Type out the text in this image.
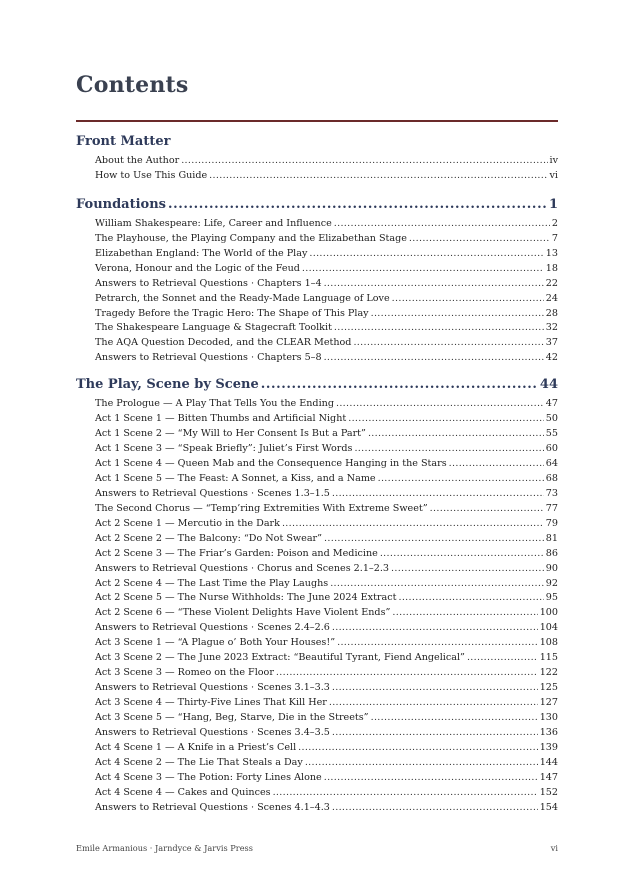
Contents
Front Matter
About the Author .....	iv
How to Use This Guide .....	vi
Foundations .....	1
William Shakespeare: Life, Career and Influence .....	2
The Playhouse, the Playing Company and the Elizabethan Stage .....	7
Elizabethan England: The World of the Play .....	13
Verona, Honour and the Logic of the Feud .....	18
Answers to Retrieval Questions · Chapters 1–4 .....	22
Petrarch, the Sonnet and the Ready-Made Language of Love .....	24
Tragedy Before the Tragic Hero: The Shape of This Play .....	28
The Shakespeare Language & Stagecraft Toolkit .....	32
The AQA Question Decoded, and the CLEAR Method .....	37
Answers to Retrieval Questions · Chapters 5–8 .....	42
The Play, Scene by Scene .....	44
The Prologue — A Play That Tells You the Ending .....	47
Act 1 Scene 1 — Bitten Thumbs and Artificial Night .....	50
Act 1 Scene 2 — “My Will to Her Consent Is But a Part” .....	55
Act 1 Scene 3 — “Speak Briefly”: Juliet’s First Words .....	60
Act 1 Scene 4 — Queen Mab and the Consequence Hanging in the Stars .....	64
Act 1 Scene 5 — The Feast: A Sonnet, a Kiss, and a Name .....	68
Answers to Retrieval Questions · Scenes 1.3–1.5 .....	73
The Second Chorus — “Temp’ring Extremities With Extreme Sweet” .....	77
Act 2 Scene 1 — Mercutio in the Dark .....	79
Act 2 Scene 2 — The Balcony: “Do Not Swear” .....	81
Act 2 Scene 3 — The Friar’s Garden: Poison and Medicine .....	86
Answers to Retrieval Questions · Chorus and Scenes 2.1–2.3 .....	90
Act 2 Scene 4 — The Last Time the Play Laughs .....	92
Act 2 Scene 5 — The Nurse Withholds: The June 2024 Extract .....	95
Act 2 Scene 6 — “These Violent Delights Have Violent Ends” .....	100
Answers to Retrieval Questions · Scenes 2.4–2.6 .....	104
Act 3 Scene 1 — “A Plague o’ Both Your Houses!” .....	108
Act 3 Scene 2 — The June 2023 Extract: “Beautiful Tyrant, Fiend Angelical” .....	115
Act 3 Scene 3 — Romeo on the Floor .....	122
Answers to Retrieval Questions · Scenes 3.1–3.3 .....	125
Act 3 Scene 4 — Thirty-Five Lines That Kill Her .....	127
Act 3 Scene 5 — “Hang, Beg, Starve, Die in the Streets” .....	130
Answers to Retrieval Questions · Scenes 3.4–3.5 .....	136
Act 4 Scene 1 — A Knife in a Priest’s Cell .....	139
Act 4 Scene 2 — The Lie That Steals a Day .....	144
Act 4 Scene 3 — The Potion: Forty Lines Alone .....	147
Act 4 Scene 4 — Cakes and Quinces .....	152
Answers to Retrieval Questions · Scenes 4.1–4.3 .....	154
Emile Armanious · Jarndyce & Jarvis Press	vi
